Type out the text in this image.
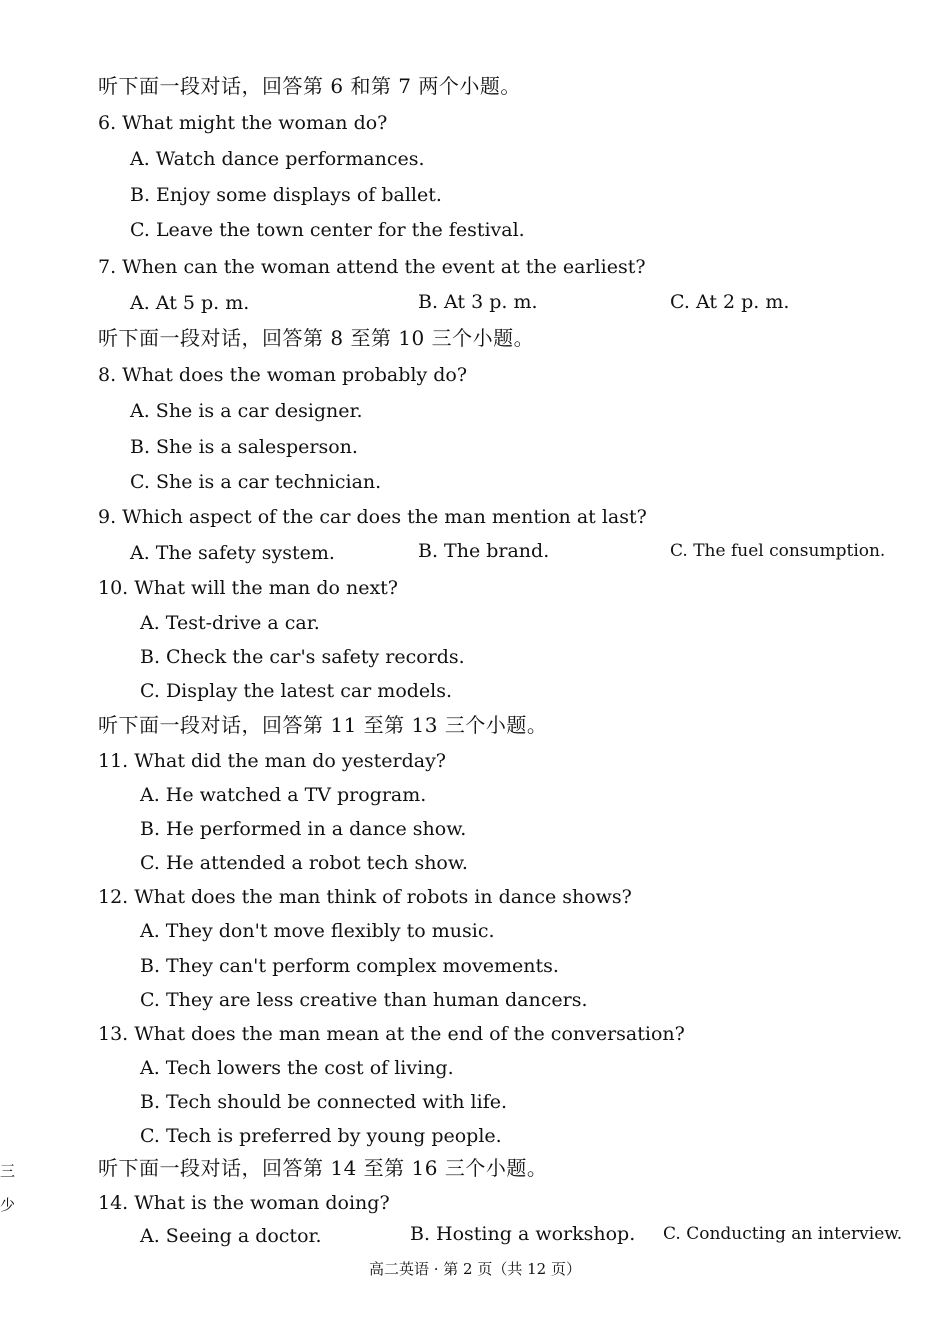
听下面一段对话，回答第 6 和第 7 两个小题。
6. What might the woman do?
A. Watch dance performances.
B. Enjoy some displays of ballet.
C. Leave the town center for the festival.
7. When can the woman attend the event at the earliest?
A. At 5 p. m.	B. At 3 p. m.	C. At 2 p. m.
听下面一段对话，回答第 8 至第 10 三个小题。
8. What does the woman probably do?
A. She is a car designer.
B. She is a salesperson.
C. She is a car technician.
9. Which aspect of the car does the man mention at last?
A. The safety system.	B. The brand.	C. The fuel consumption.
10. What will the man do next?
A. Test-drive a car.
B. Check the car's safety records.
C. Display the latest car models.
听下面一段对话，回答第 11 至第 13 三个小题。
11. What did the man do yesterday?
A. He watched a TV program.
B. He performed in a dance show.
C. He attended a robot tech show.
12. What does the man think of robots in dance shows?
A. They don't move flexibly to music.
B. They can't perform complex movements.
C. They are less creative than human dancers.
13. What does the man mean at the end of the conversation?
A. Tech lowers the cost of living.
B. Tech should be connected with life.
C. Tech is preferred by young people.
听下面一段对话，回答第 14 至第 16 三个小题。
14. What is the woman doing?
A. Seeing a doctor.	B. Hosting a workshop. C. Conducting an interview.
三
少
高二英语 · 第 2 页（共 12 页）
